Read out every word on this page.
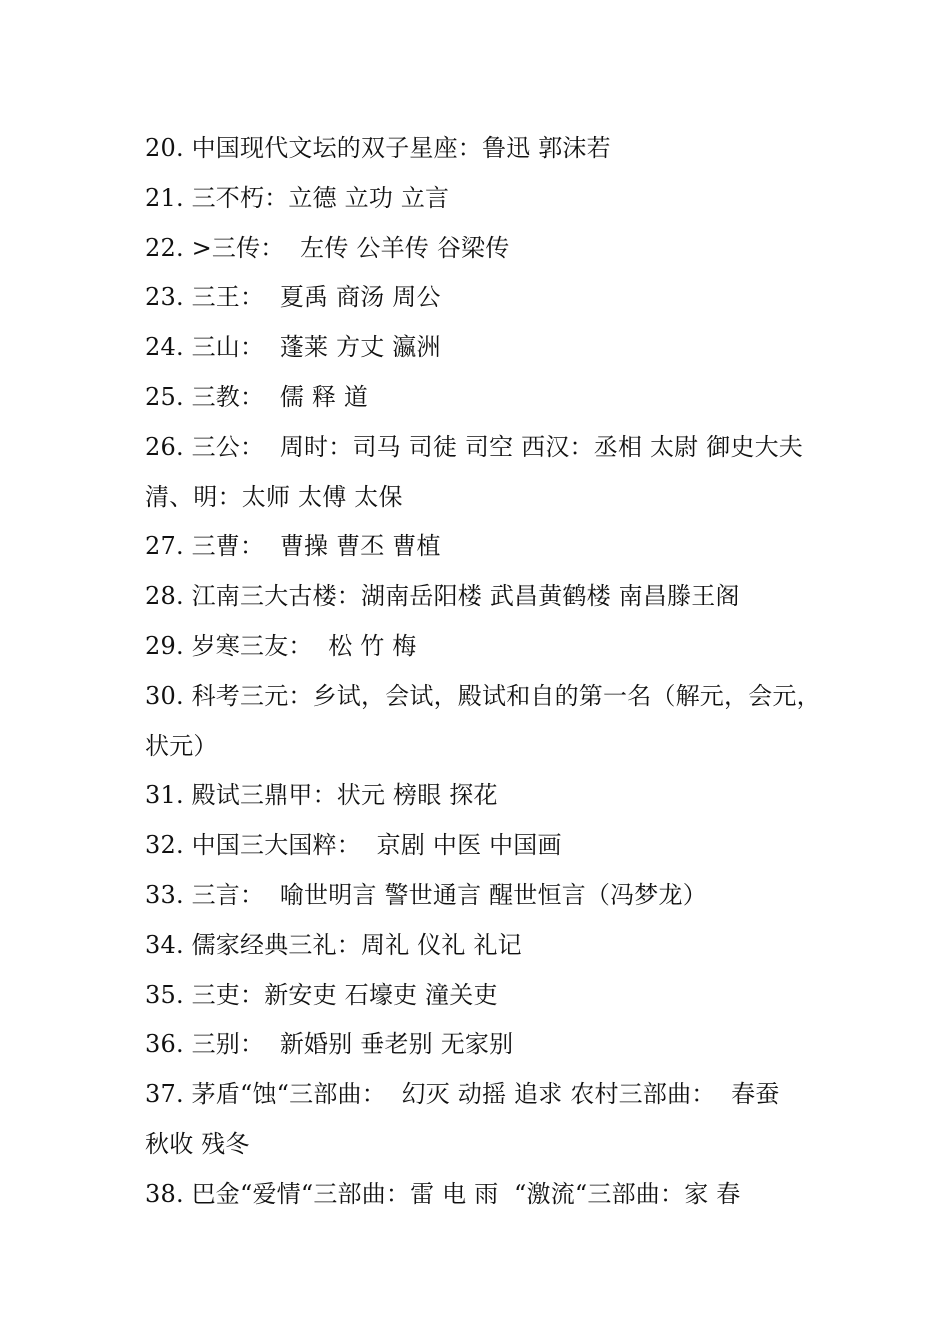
20. 中国现代文坛的双子星座：鲁迅 郭沫若
21. 三不朽：立德 立功 立言
22. >三传：  左传 公羊传 谷梁传
23. 三王：  夏禹 商汤 周公
24. 三山：  蓬莱 方丈 瀛洲
25. 三教：  儒 释 道
26. 三公：  周时：司马 司徒 司空 西汉：丞相 太尉 御史大夫
清、明：太师 太傅 太保
27. 三曹：  曹操 曹丕 曹植
28. 江南三大古楼：湖南岳阳楼 武昌黄鹤楼 南昌滕王阁
29. 岁寒三友：  松 竹 梅
30. 科考三元：乡试，会试，殿试和自的第一名（解元，会元，
状元）
31. 殿试三鼎甲：状元 榜眼 探花
32. 中国三大国粹：  京剧 中医 中国画
33. 三言：  喻世明言 警世通言 醒世恒言（冯梦龙）
34. 儒家经典三礼：周礼 仪礼 礼记
35. 三吏：新安吏 石壕吏 潼关吏
36. 三别：  新婚别 垂老别 无家别
37. 茅盾“蚀“三部曲：  幻灭 动摇 追求 农村三部曲：  春蚕
秋收 残冬
38. 巴金“爱情“三部曲：雷 电 雨  “激流“三部曲：家 春
